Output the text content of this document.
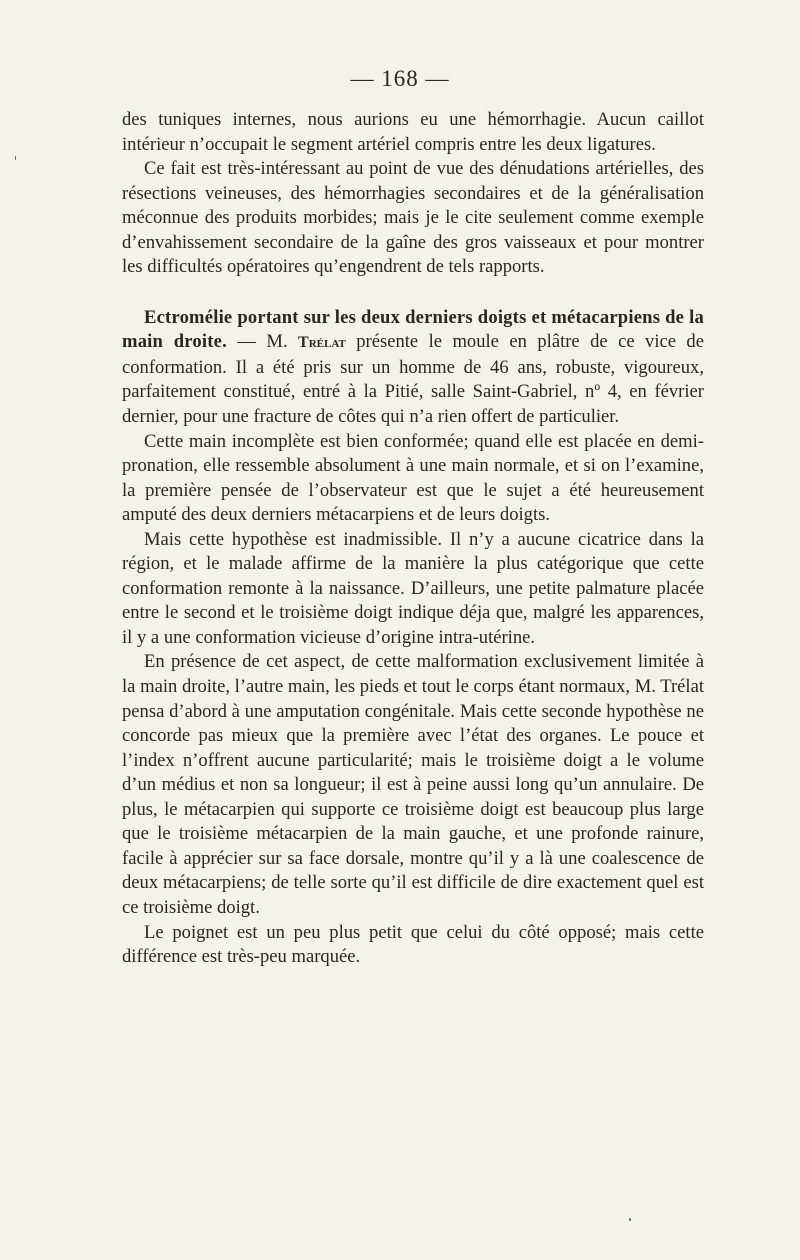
— 168 —

des tuniques internes, nous aurions eu une hémorrhagie. Aucun caillot intérieur n’occupait le segment artériel compris entre les deux ligatures.

Ce fait est très-intéressant au point de vue des dénudations artérielles, des résections veineuses, des hémorrhagies secondaires et de la généralisation méconnue des produits morbides; mais je le cite seulement comme exemple d’envahissement secondaire de la gaîne des gros vaisseaux et pour montrer les difficultés opératoires qu’engendrent de tels rapports.

Ectromélie portant sur les deux derniers doigts et métacarpiens de la main droite. — M. Trélat présente le moule en plâtre de ce vice de conformation. Il a été pris sur un homme de 46 ans, robuste, vigoureux, parfaitement constitué, entré à la Pitié, salle Saint-Gabriel, nº 4, en février dernier, pour une fracture de côtes qui n’a rien offert de particulier.

Cette main incomplète est bien conformée; quand elle est placée en demi-pronation, elle ressemble absolument à une main normale, et si on l’examine, la première pensée de l’observateur est que le sujet a été heureusement amputé des deux derniers métacarpiens et de leurs doigts.

Mais cette hypothèse est inadmissible. Il n’y a aucune cicatrice dans la région, et le malade affirme de la manière la plus catégorique que cette conformation remonte à la naissance. D’ailleurs, une petite palmature placée entre le second et le troisième doigt indique déja que, malgré les apparences, il y a une conformation vicieuse d’origine intra-utérine.

En présence de cet aspect, de cette malformation exclusivement limitée à la main droite, l’autre main, les pieds et tout le corps étant normaux, M. Trélat pensa d’abord à une amputation congénitale. Mais cette seconde hypothèse ne concorde pas mieux que la première avec l’état des organes. Le pouce et l’index n’offrent aucune particularité; mais le troisième doigt a le volume d’un médius et non sa longueur; il est à peine aussi long qu’un annulaire. De plus, le métacarpien qui supporte ce troisième doigt est beaucoup plus large que le troisième métacarpien de la main gauche, et une profonde rainure, facile à apprécier sur sa face dorsale, montre qu’il y a là une coalescence de deux métacarpiens; de telle sorte qu’il est difficile de dire exactement quel est ce troisième doigt.

Le poignet est un peu plus petit que celui du côté opposé; mais cette différence est très-peu marquée.
